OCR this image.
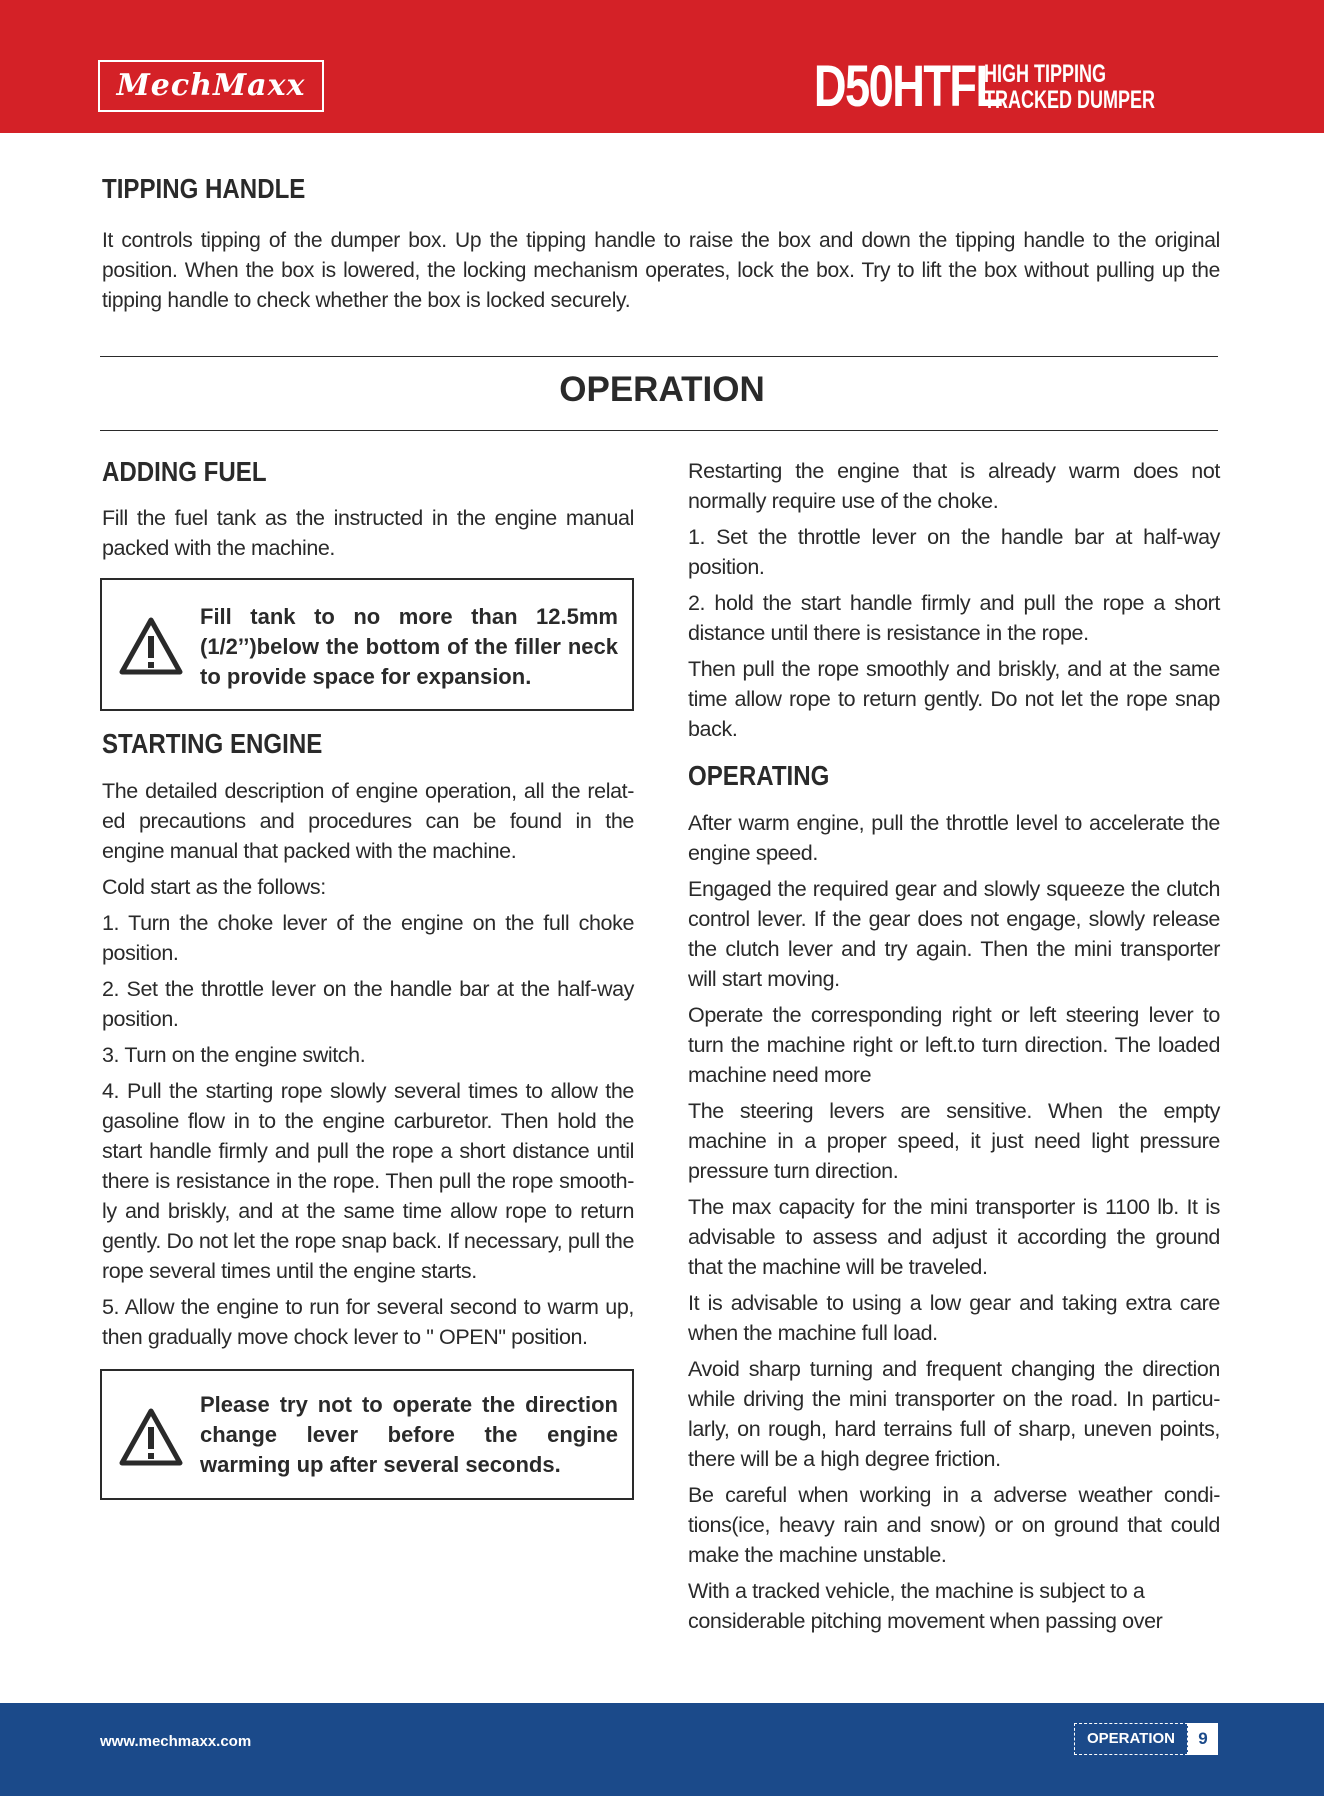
MechMaxx	D50HTFL
HIGH TIPPING
TRACKED DUMPER
TIPPING HANDLE

It controls tipping of the dumper box. Up the tipping handle to raise the box and down the tipping handle to the original position. When the box is lowered, the locking mechanism operates, lock the box. Try to lift the box without pulling up the tipping handle to check whether the box is locked securely.

OPERATION
ADDING FUEL

Fill the fuel tank as the instructed in the engine manual packed with the machine.

Fill tank to no more than 12.5mm (1/2’’)below the bottom of the filler neck to provide space for expansion.

STARTING ENGINE

The detailed description of engine operation, all the relat-ed precautions and procedures can be found in the engine manual that packed with the machine.

Cold start as the follows:

1. Turn the choke lever of the engine on the full choke position.

2. Set the throttle lever on the handle bar at the half-way position.

3. Turn on the engine switch.

4. Pull the starting rope slowly several times to allow the gasoline flow in to the engine carburetor. Then hold the start handle firmly and pull the rope a short distance until there is resistance in the rope. Then pull the rope smooth-ly and briskly, and at the same time allow rope to return gently. Do not let the rope snap back. If necessary, pull the rope several times until the engine starts.

5. Allow the engine to run for several second to warm up, then gradually move chock lever to " OPEN" position.

Please try not to operate the direction change lever before the engine warming up after several seconds.

Restarting the engine that is already warm does not normally require use of the choke.

1. Set the throttle lever on the handle bar at half-way position.

2. hold the start handle firmly and pull the rope a short distance until there is resistance in the rope.

Then pull the rope smoothly and briskly, and at the same time allow rope to return gently. Do not let the rope snap back.

OPERATING

After warm engine, pull the throttle level to accelerate the engine speed.

Engaged the required gear and slowly squeeze the clutch control lever. If the gear does not engage, slowly release the clutch lever and try again. Then the mini transporter will start moving.

Operate the corresponding right or left steering lever to turn the machine right or left.to turn direction. The loaded machine need more

The steering levers are sensitive. When the empty machine in a proper speed, it just need light pressure pressure turn direction.

The max capacity for the mini transporter is 1100 lb. It is advisable to assess and adjust it according the ground that the machine will be traveled.

It is advisable to using a low gear and taking extra care when the machine full load.

Avoid sharp turning and frequent changing the direction while driving the mini transporter on the road. In particu-larly, on rough, hard terrains full of sharp, uneven points, there will be a high degree friction.

Be careful when working in a adverse weather condi-tions(ice, heavy rain and snow) or on ground that could make the machine unstable.

With a tracked vehicle, the machine is subject to a considerable pitching movement when passing over

www.mechmaxx.com	OPERATION	9
